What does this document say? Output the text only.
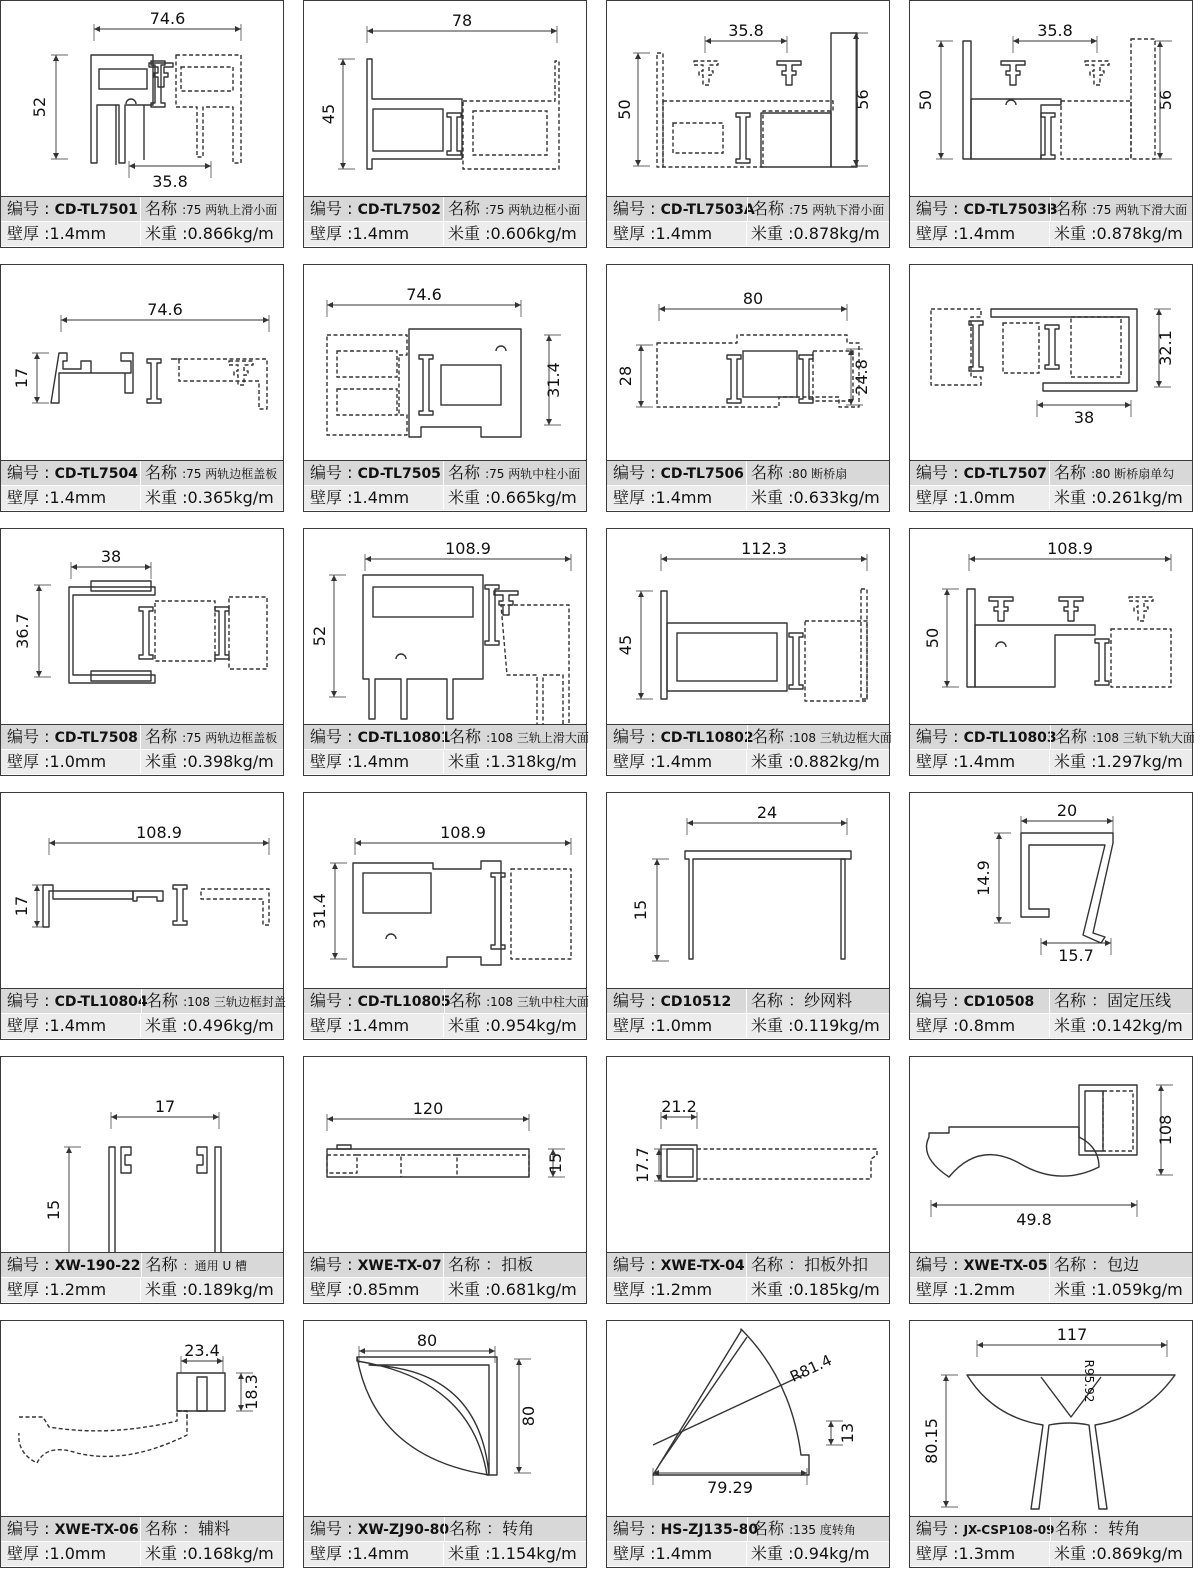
74.6
52
35.8
编号 : CD-TL7501 名称 :75 两轨上滑小面
壁厚 :1.4mm	米重 :0.866kg/m
78
45
编号 : CD-TL7502 名称 :75 两轨边框小面
壁厚 :1.4mm	米重 :0.606kg/m
35.8
50	56
编号 : CD-TL7503A
名称 :75 两轨下滑小面
壁厚 :1.4mm	米重 :0.878kg/m
35.8
50	56
编号 : CD-TL7503B
名称 :75 两轨下滑大面
壁厚 :1.4mm	米重 :0.878kg/m
74.6
17
编号 : CD-TL7504 名称 :75 两轨边框盖板
壁厚 :1.4mm	米重 :0.365kg/m
74.6
31.4
编号 : CD-TL7505 名称 :75 两轨中柱小面
壁厚 :1.4mm	米重 :0.665kg/m
80
28	24.8
编号 : CD-TL7506 名称 :80 断桥扇
壁厚 :1.4mm	米重 :0.633kg/m
32.1
38
编号 : CD-TL7507 名称 :80 断桥扇单勾
壁厚 :1.0mm	米重 :0.261kg/m
38
36.7
编号 : CD-TL7508 名称 :75 两轨边框盖板
壁厚 :1.0mm	米重 :0.398kg/m
108.9
52
编号 : CD-TL10801
名称 :108 三轨上滑大面
壁厚 :1.4mm	米重 :1.318kg/m
112.3
45
编号 : CD-TL10802
名称 :108 三轨边框大面
壁厚 :1.4mm	米重 :0.882kg/m
108.9
50
编号 : CD-TL10803
名称 :108 三轨下轨大面
壁厚 :1.4mm	米重 :1.297kg/m
108.9
17
编号 : CD-TL10804
名称 :108 三轨边框封盖
壁厚 :1.4mm	米重 :0.496kg/m
108.9
31.4
编号 : CD-TL10805
名称 :108 三轨中柱大面
壁厚 :1.4mm	米重 :0.954kg/m
24
15
编号 : CD10512	名称 ：纱网料
壁厚 :1.0mm	米重 :0.119kg/m
20
14.9
15.7
编号 : CD10508	名称 ：固定压线
壁厚 :0.8mm	米重 :0.142kg/m
17
15
编号 : XW-190-22 名称 ：通用 U 槽
壁厚 :1.2mm	米重 :0.189kg/m
120
15
编号 : XWE-TX-07 名称 ：扣板
壁厚 :0.85mm	米重 :0.681kg/m
21.2
17.7
编号 : XWE-TX-04 名称 ：扣板外扣
壁厚 :1.2mm	米重 :0.185kg/m
49.8
108
编号 : XWE-TX-05 名称 ：包边
壁厚 :1.2mm	米重 :1.059kg/m
23.4
18.3
编号 : XWE-TX-06 名称 ：辅料
壁厚 :1.0mm	米重 :0.168kg/m
80
80
编号 : XW-ZJ90-80 名称 ：转角
壁厚 :1.4mm	米重 :1.154kg/m
79.29
13
R81.4
编号 : HS-ZJ135-80
名称 :135 度转角
壁厚 :1.4mm	米重 :0.94kg/m
117
80.15
R95.92
编号 : JX-CSP108-09 名称 ：转角
壁厚 :1.3mm	米重 :0.869kg/m
